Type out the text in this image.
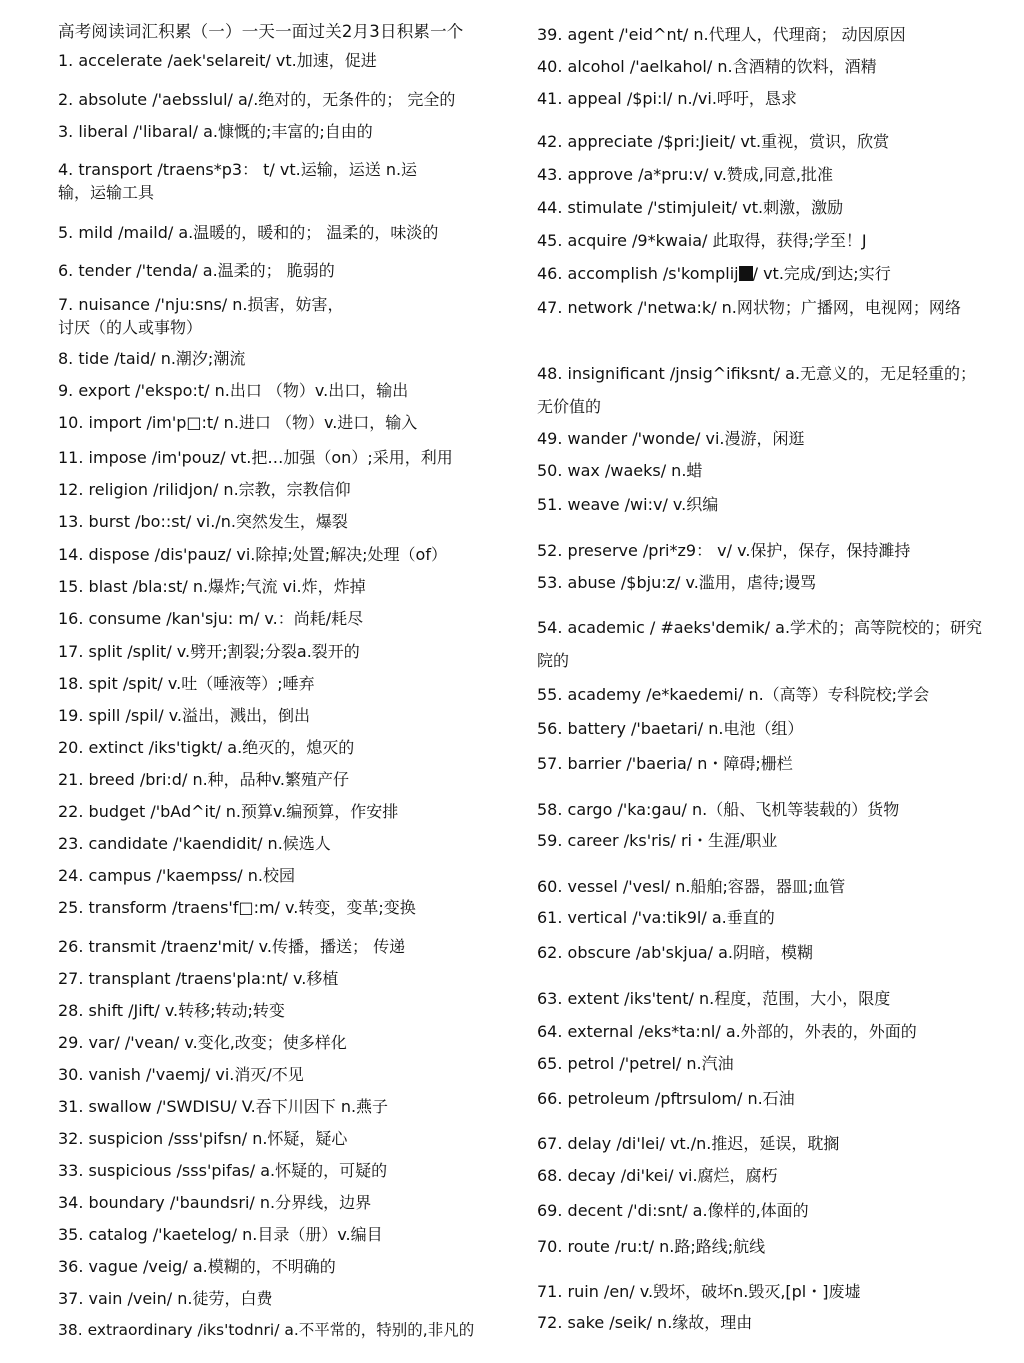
高考阅读词汇积累（一）一天一面过关2月3日积累一个
1. accelerate /aek'selareit/ vt.加速，促进
2. absolute /'aebsslul/ a/.绝对的，无条件的； 完全的
3. liberal /'libaral/ a.慷慨的;丰富的;自由的
4. transport /traens*p3： t/ vt.运输，运送 n.运输，运输工具
5. mild /maild/ a.温暖的，暖和的； 温柔的，味淡的
6. tender /'tenda/ a.温柔的； 脆弱的
7. nuisance /'nju:sns/ n.损害，妨害，讨厌（的人或事物）
8. tide /taid/ n.潮汐;潮流
9. export /'ekspo:t/ n.出口 （物）v.出口，输出
10. import /im'p□:t/ n.进口 （物）v.进口，输入
11. impose /im'pouz/ vt.把…加强（on）;采用，利用
12. religion /rilidjon/ n.宗教，宗教信仰
13. burst /bo::st/ vi./n.突然发生，爆裂
14. dispose /dis'pauz/ vi.除掉;处置;解决;处理（of）
15. blast /bla:st/ n.爆炸;气流 vi.炸，炸掉
16. consume /kan'sju: m/ v.：尚耗/耗尽
17. split /split/ v.劈开;割裂;分裂a.裂开的
18. spit /spit/ v.吐（唾液等）;唾弃
19. spill /spil/ v.溢出，溅出，倒出
20. extinct /iks'tigkt/ a.绝灭的，熄灭的
21. breed /bri:d/ n.种，品种v.繁殖产仔
22. budget /'bAd^it/ n.预算v.编预算，作安排
23. candidate /'kaendidit/ n.候选人
24. campus /'kaempss/ n.校园
25. transform /traens'f□:m/ v.转变，变革;变换
26. transmit /traenz'mit/ v.传播，播送； 传递
27. transplant /traens'pla:nt/ v.移植
28. shift /Jift/ v.转移;转动;转变
29. var/ /'vean/ v.变化,改变；使多样化
30. vanish /'vaemj/ vi.消灭/不见
31. swallow /'SWDISU/ V.吞下川因下 n.燕子
32. suspicion /sss'pifsn/ n.怀疑，疑心
33. suspicious /sss'pifas/ a.怀疑的，可疑的
34. boundary /'baundsri/ n.分界线，边界
35. catalog /'kaetelog/ n.目录（册）v.编目
36. vague /veig/ a.模糊的，不明确的
37. vain /vein/ n.徒劳，白费
38. extraordinary /iks'todnri/ a.不平常的，特别的,非凡的
39. agent /'eid^nt/ n.代理人，代理商； 动因原因
40. alcohol /'aelkahol/ n.含酒精的饮料，酒精
41. appeal /$pi:l/ n./vi.呼吁，恳求
42. appreciate /$pri:Jieit/ vt.重视，赏识，欣赏
43. approve /a*pru:v/ v.赞成,同意,批准
44. stimulate /'stimjuleit/ vt.刺激，激励
45. acquire /9*kwaia/ 此取得，获得;学至！J
46. accomplish /s'komplij / vt.完成/到达;实行
47. network /'netwa:k/ n.网状物；广播网，电视网；网络
48. insignificant /jnsig^ifiksnt/ a.无意义的，无足轻重的； 无价值的
49. wander /'wonde/ vi.漫游，闲逛
50. wax /waeks/ n.蜡
51. weave /wi:v/ v.织编
52. preserve /pri*z9： v/ v.保护，保存，保持濉持
53. abuse /$bju:z/ v.滥用，虐待;谩骂
54. academic / #aeks'demik/ a.学术的；高等院校的；研究院的
55. academy /e*kaedemi/ n.（高等）专科院校;学会
56. battery /'baetari/ n.电池（组）
57. barrier /'baeria/ n・障碍;栅栏
58. cargo /'ka:gau/ n.（船、飞机等装载的）货物
59. career /ks'ris/ ri・生涯/职业
60. vessel /'vesl/ n.船舶;容器，器皿;血管
61. vertical /'va:tik9l/ a.垂直的
62. obscure /ab'skjua/ a.阴暗，模糊
63. extent /iks'tent/ n.程度，范围，大小，限度
64. external /eks*ta:nl/ a.外部的，外表的，外面的
65. petrol /'petrel/ n.汽油
66. petroleum /pftrsulom/ n.石油
67. delay /di'lei/ vt./n.推迟，延误，耽搁
68. decay /di'kei/ vi.腐烂，腐朽
69. decent /'di:snt/ a.像样的,体面的
70. route /ru:t/ n.路;路线;航线
71. ruin /en/ v.毁坏，破坏n.毁灭,[pl・]废墟
72. sake /seik/ n.缘故，理由
